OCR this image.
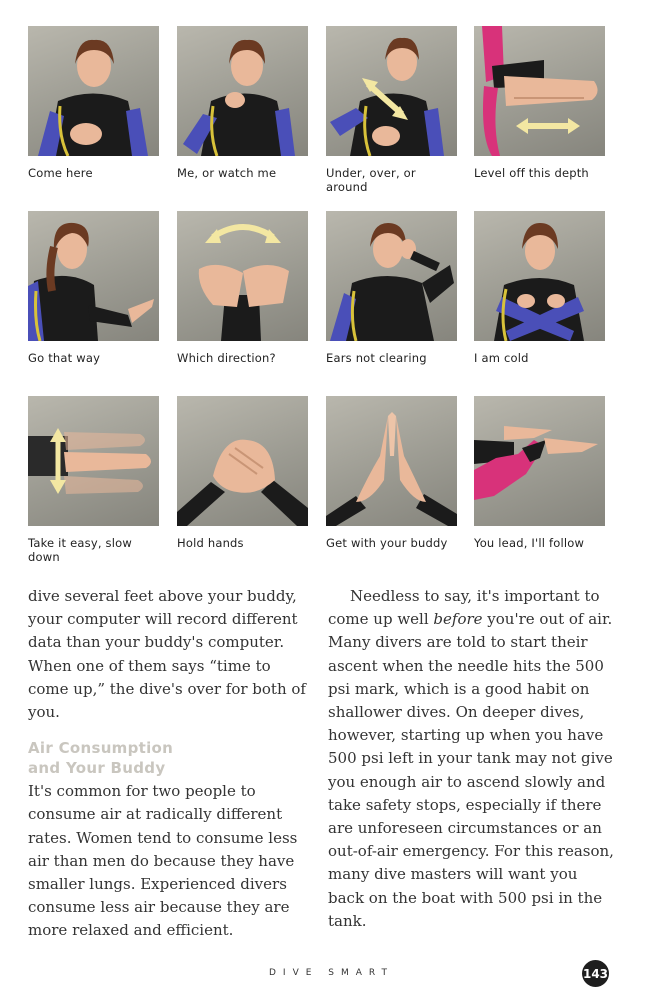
Come here	Me, or watch me	Under, over, or around
Level off this depth
Go that way	Which direction?	Ears not clearing	I am cold
Take it easy, slow down
Hold hands	Get with your buddy	You lead, I'll follow

dive several feet above your buddy, your computer will record different data than your buddy's computer. When one of them says “time to come up,” the dive's over for both of you.

Air Consumption
and Your Buddy

It's common for two people to consume air at radically different rates. Women tend to consume less air than men do because they have smaller lungs. Experienced divers consume less air because they are more relaxed and efficient.

Needless to say, it's important to come up well before you're out of air. Many divers are told to start their ascent when the needle hits the 500 psi mark, which is a good habit on shallower dives. On deeper dives, however, starting up when you have 500 psi left in your tank may not give you enough air to ascend slowly and take safety stops, especially if there are unforeseen circumstances or an out-of-air emergency. For this reason, many dive masters will want you back on the boat with 500 psi in the tank.

DIVE SMART	143
